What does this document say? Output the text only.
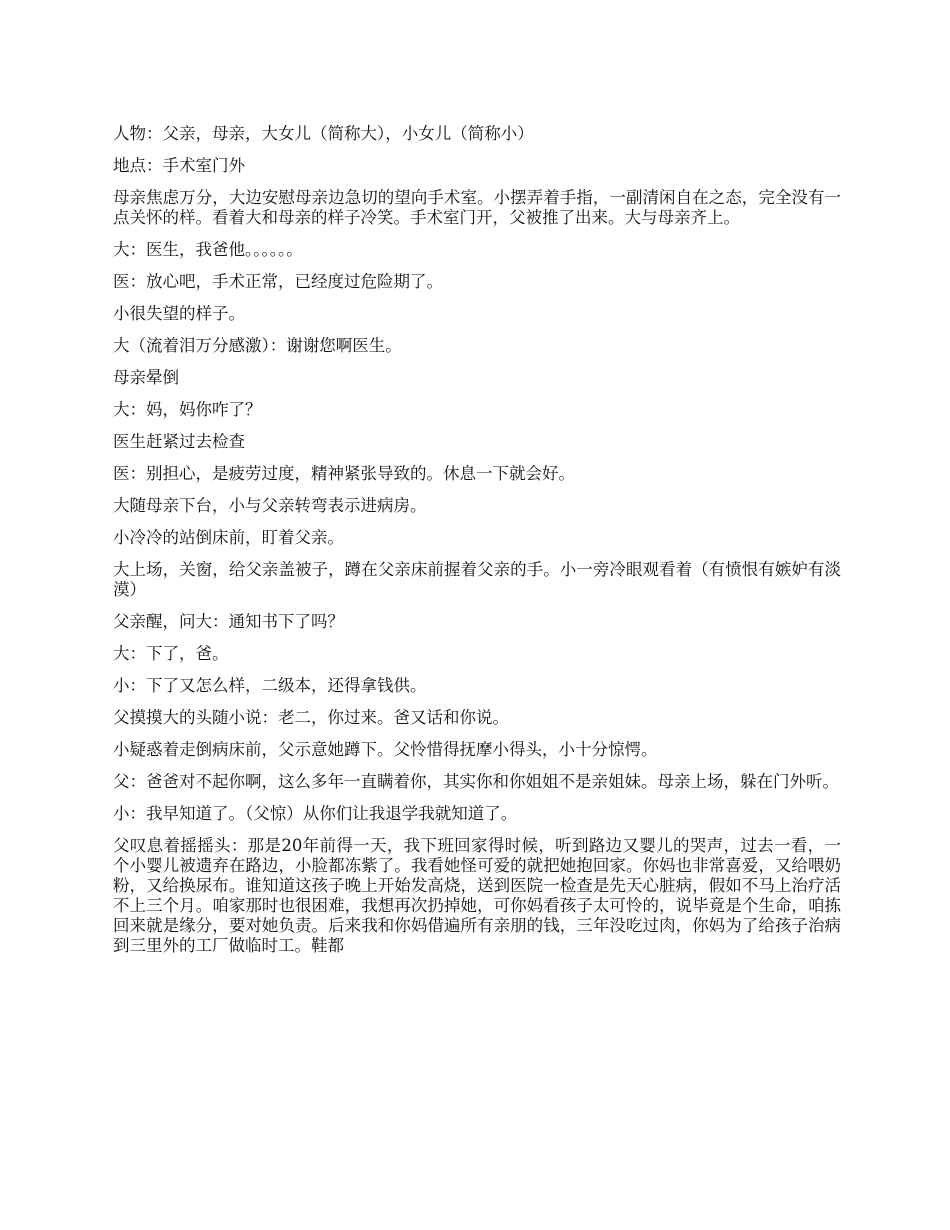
人物：父亲，母亲，大女儿（简称大），小女儿（简称小）

地点：手术室门外

母亲焦虑万分，大边安慰母亲边急切的望向手术室。小摆弄着手指，一副清闲自在之态，完全没有一点关怀的样。看着大和母亲的样子冷笑。手术室门开，父被推了出来。大与母亲齐上。

大：医生，我爸他。。。。。。

医：放心吧，手术正常，已经度过危险期了。

小很失望的样子。

大（流着泪万分感激）：谢谢您啊医生。

母亲晕倒

大：妈，妈你咋了？

医生赶紧过去检查

医：别担心，是疲劳过度，精神紧张导致的。休息一下就会好。

大随母亲下台，小与父亲转弯表示进病房。

小冷冷的站倒床前，盯着父亲。

大上场，关窗，给父亲盖被子，蹲在父亲床前握着父亲的手。小一旁冷眼观看着（有愤恨有嫉妒有淡漠）

父亲醒，问大：通知书下了吗？

大：下了，爸。

小：下了又怎么样，二级本，还得拿钱供。

父摸摸大的头随小说：老二，你过来。爸又话和你说。

小疑惑着走倒病床前，父示意她蹲下。父怜惜得抚摩小得头，小十分惊愕。

父：爸爸对不起你啊，这么多年一直瞒着你，其实你和你姐姐不是亲姐妹。母亲上场，躲在门外听。

小：我早知道了。（父惊）从你们让我退学我就知道了。

父叹息着摇摇头：那是20年前得一天，我下班回家得时候，听到路边又婴儿的哭声，过去一看，一个小婴儿被遗弃在路边，小脸都冻紫了。我看她怪可爱的就把她抱回家。你妈也非常喜爱，又给喂奶粉，又给换尿布。谁知道这孩子晚上开始发高烧，送到医院一检查是先天心脏病，假如不马上治疗活不上三个月。咱家那时也很困难，我想再次扔掉她，可你妈看孩子太可怜的，说毕竟是个生命，咱拣回来就是缘分，要对她负责。后来我和你妈借遍所有亲朋的钱，三年没吃过肉，你妈为了给孩子治病到三里外的工厂做临时工。鞋都
